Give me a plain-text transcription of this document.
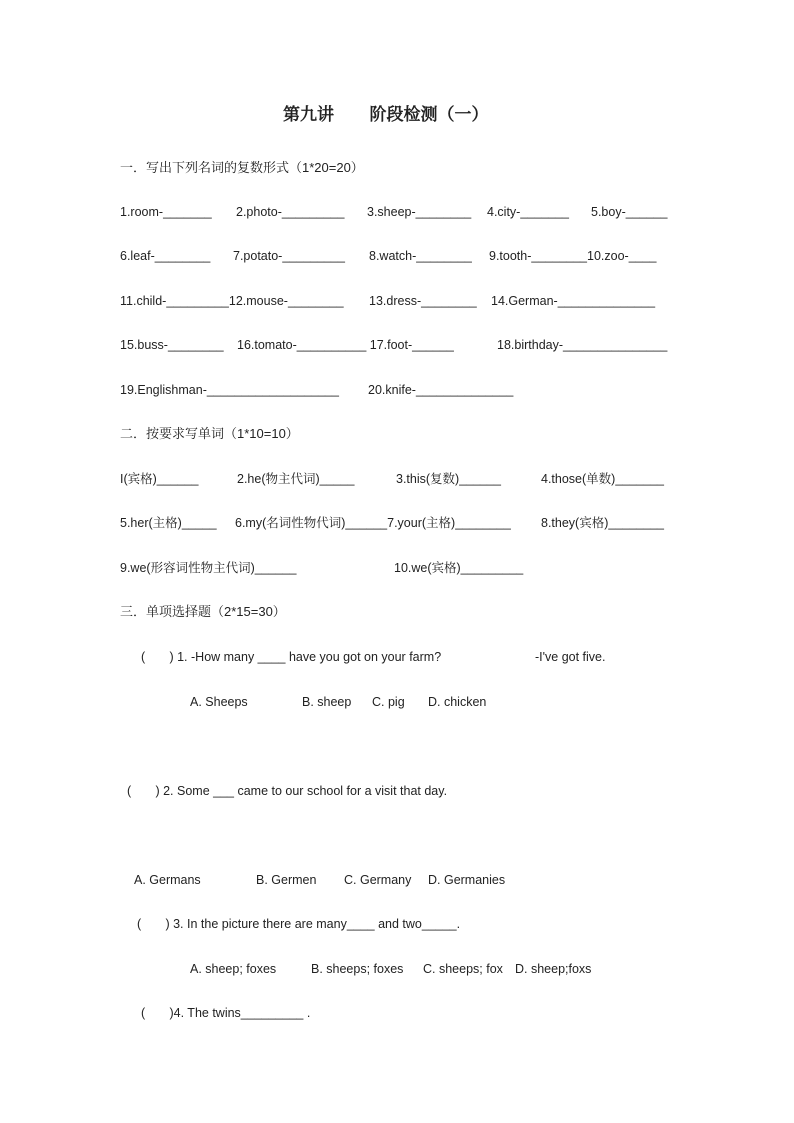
第九讲      阶段检测（一）
一．写出下列名词的复数形式（1*20=20）
1.room-_______ 2.photo-_________ 3.sheep-________ 4.city-_______ 5.boy-______
6.leaf-________ 7.potato-_________ 8.watch-________ 9.tooth-________10.zoo-____
11.child-_________12.mouse-________ 13.dress-________ 14.German-______________
15.buss-________ 16.tomato-__________ 17.foot-______	18.birthday-_______________
19.Englishman-___________________ 20.knife-______________
二．按要求写单词（1*10=10）
I(宾格)______	2.he(物主代词)_____	3.this(复数)______	4.those(单数)_______
5.her(主格)_____ 6.my(名词性物代词)______7.your(主格)________ 8.they(宾格)________
9.we(形容词性物主代词)______	10.we(宾格)_________
三．单项选择题（2*15=30）
(       ) 1. -How many ____ have you got on your farm?	-I've got five.
A. Sheeps	B. sheep C. pig D. chicken
(       ) 2. Some ___ came to our school for a visit that day.
A. Germans	B. Germen C. Germany D. Germanies
(       ) 3. In the picture there are many____ and two_____.
A. sheep; foxes	B. sheeps; foxes C. sheeps; fox D. sheep;foxs
(       )4. The twins_________ .
